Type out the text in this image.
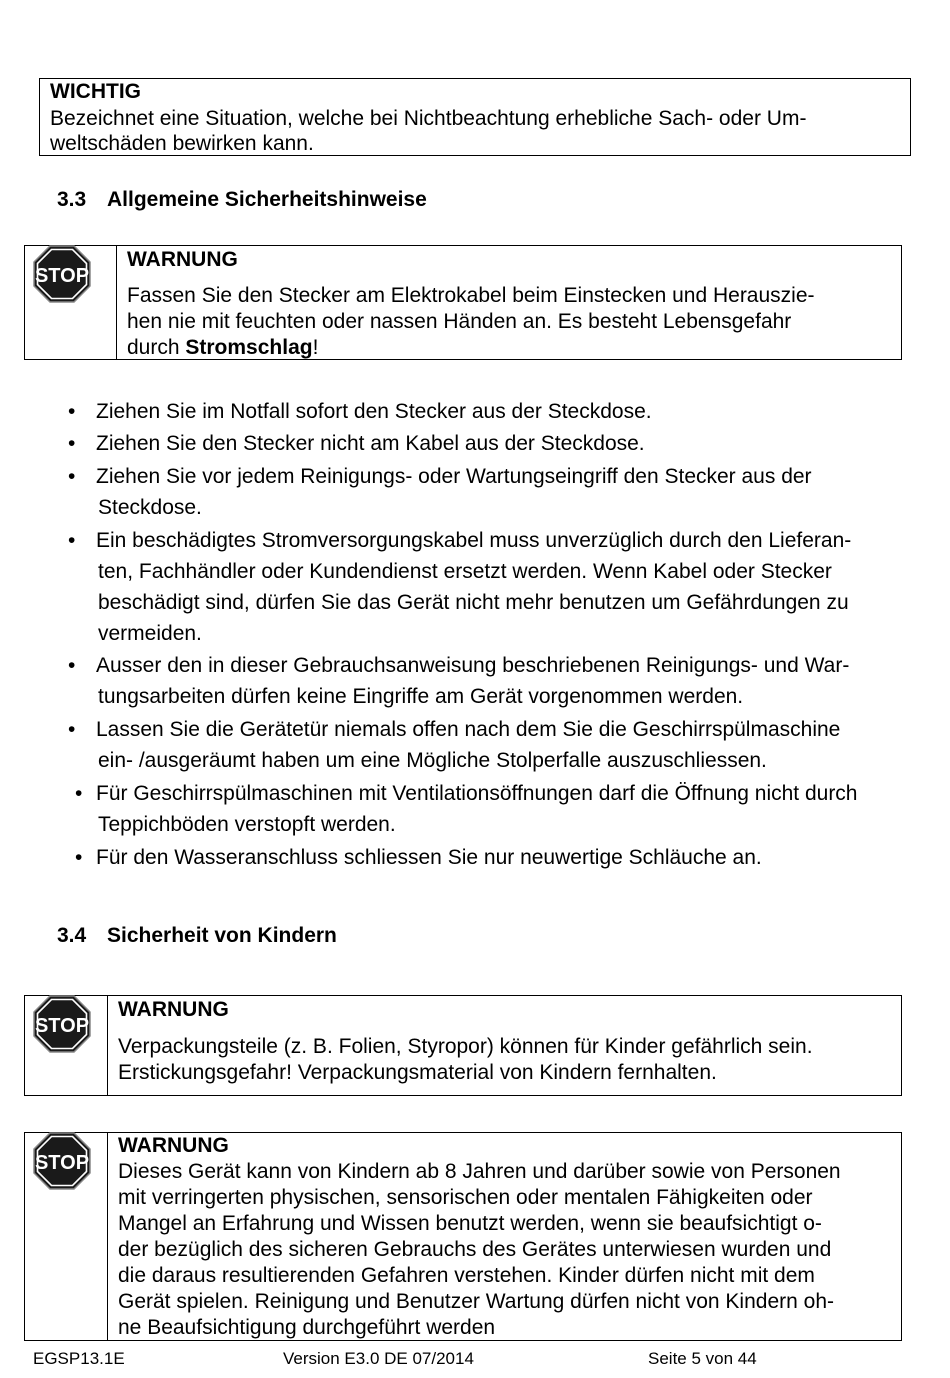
WICHTIG
Bezeichnet eine Situation, welche bei Nichtbeachtung erhebliche Sach- oder Um-
weltschäden bewirken kann.
3.3 Allgemeine Sicherheitshinweise
STOP
WARNUNG
Fassen Sie den Stecker am Elektrokabel beim Einstecken und Herauszie-
hen nie mit feuchten oder nassen Händen an. Es besteht Lebensgefahr
durch Stromschlag!
• Ziehen Sie im Notfall sofort den Stecker aus der Steckdose.
• Ziehen Sie den Stecker nicht am Kabel aus der Steckdose.
• Ziehen Sie vor jedem Reinigungs- oder Wartungseingriff den Stecker aus der
Steckdose.
• Ein beschädigtes Stromversorgungskabel muss unverzüglich durch den Lieferan-
ten, Fachhändler oder Kundendienst ersetzt werden. Wenn Kabel oder Stecker
beschädigt sind, dürfen Sie das Gerät nicht mehr benutzen um Gefährdungen zu
vermeiden.
• Ausser den in dieser Gebrauchsanweisung beschriebenen Reinigungs- und War-
tungsarbeiten dürfen keine Eingriffe am Gerät vorgenommen werden.
• Lassen Sie die Gerätetür niemals offen nach dem Sie die Geschirrspülmaschine
ein- /ausgeräumt haben um eine Mögliche Stolperfalle auszuschliessen.
• Für Geschirrspülmaschinen mit Ventilationsöffnungen darf die Öffnung nicht durch
Teppichböden verstopft werden.
• Für den Wasseranschluss schliessen Sie nur neuwertige Schläuche an.
3.4 Sicherheit von Kindern
STOP
WARNUNG
Verpackungsteile (z. B. Folien, Styropor) können für Kinder gefährlich sein.
Erstickungsgefahr! Verpackungsmaterial von Kindern fernhalten.
STOP
WARNUNG
Dieses Gerät kann von Kindern ab 8 Jahren und darüber sowie von Personen
mit verringerten physischen, sensorischen oder mentalen Fähigkeiten oder
Mangel an Erfahrung und Wissen benutzt werden, wenn sie beaufsichtigt o-
der bezüglich des sicheren Gebrauchs des Gerätes unterwiesen wurden und
die daraus resultierenden Gefahren verstehen. Kinder dürfen nicht mit dem
Gerät spielen. Reinigung und Benutzer Wartung dürfen nicht von Kindern oh-
ne Beaufsichtigung durchgeführt werden
EGSP13.1E	Version E3.0 DE 07/2014	Seite 5 von 44
